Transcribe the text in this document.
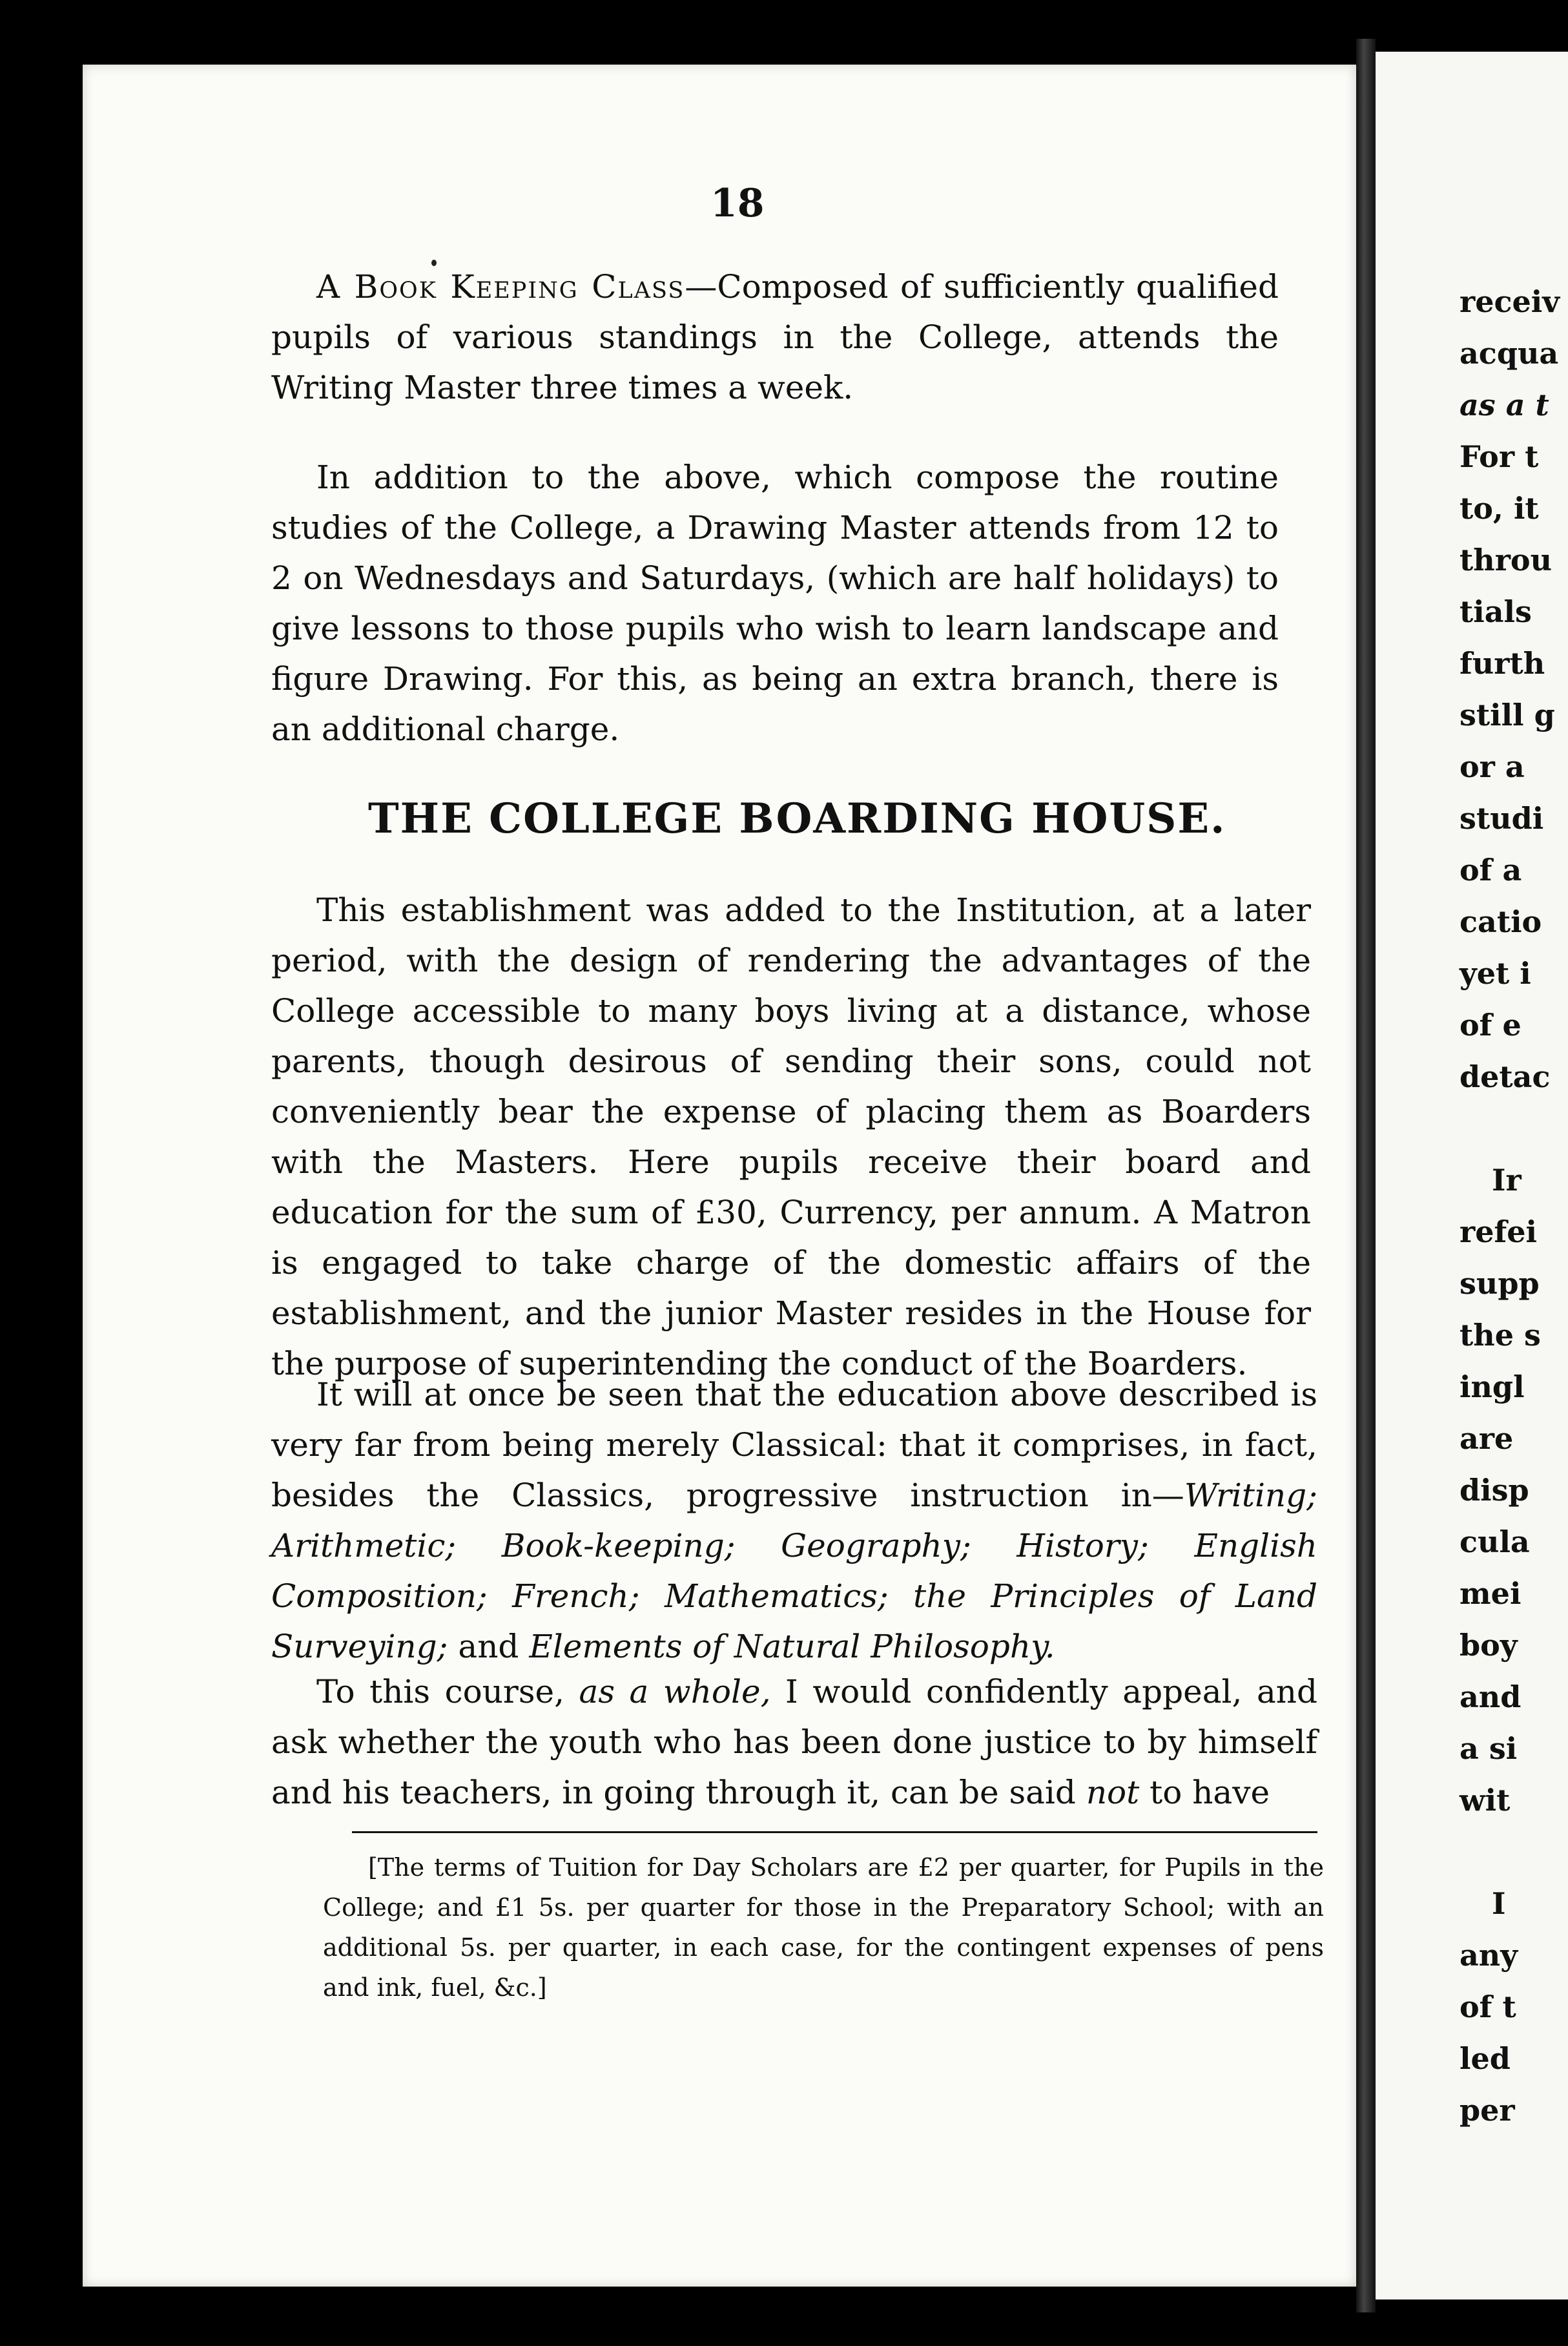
receiv
acqua
as a t
For t
to, it
throu
tials
furth
still g
or a
studi
of a
catio
yet i
of e
detac
Ir
refei
supp
the s
ingl
are
disp
cula
mei
boy
and
a si
wit
I
any
of t
led
per
18

A Book Keeping Class—Composed of sufficiently qualified pupils of various standings in the College, attends the Writing Master three times a week.

In addition to the above, which compose the routine studies of the College, a Drawing Master attends from 12 to 2 on Wednesdays and Saturdays, (which are half holidays) to give lessons to those pupils who wish to learn landscape and figure Drawing. For this, as being an extra branch, there is an additional charge.

THE COLLEGE BOARDING HOUSE.

This establishment was added to the Institution, at a later period, with the design of rendering the advantages of the College accessible to many boys living at a distance, whose parents, though desirous of sending their sons, could not conveniently bear the expense of placing them as Boarders with the Masters. Here pupils receive their board and education for the sum of £30, Currency, per annum. A Matron is engaged to take charge of the domestic affairs of the establishment, and the junior Master resides in the House for the purpose of superintending the conduct of the Boarders.

It will at once be seen that the education above described is very far from being merely Classical: that it comprises, in fact, besides the Classics, progressive instruction in—Writing; Arithmetic; Book-keeping; Geography; History; English Composition; French; Mathematics; the Principles of Land Surveying; and Elements of Natural Philosophy.

To this course, as a whole, I would confidently appeal, and ask whether the youth who has been done justice to by himself and his teachers, in going through it, can be said not to have

[The terms of Tuition for Day Scholars are £2 per quarter, for Pupils in the College; and £1 5s. per quarter for those in the Preparatory School; with an additional 5s. per quarter, in each case, for the contingent expenses of pens and ink, fuel, &c.]
